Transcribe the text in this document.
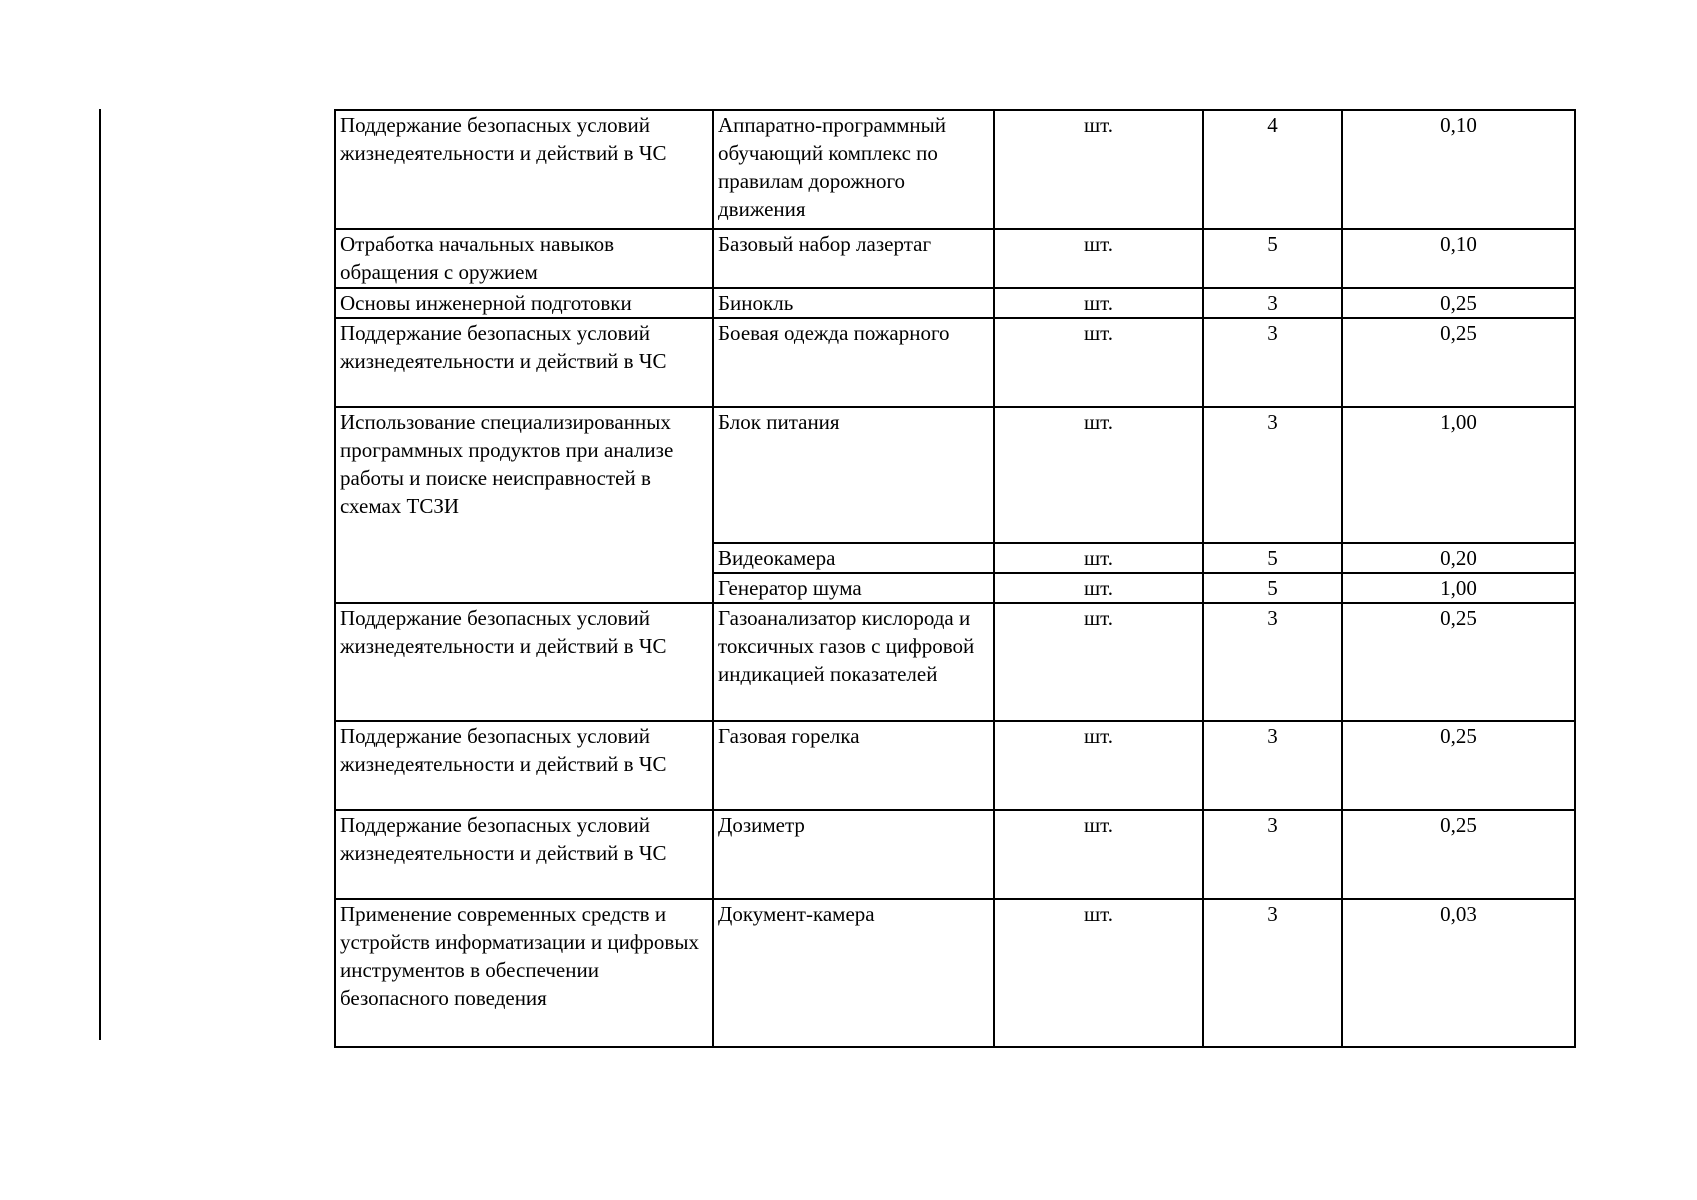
Поддержание безопасных условий жизнедеятельности и действий в ЧС	Аппаратно-программный обучающий комплекс по правилам дорожного движения	шт.	4	0,10
Отработка начальных навыков обращения с оружием	Базовый набор лазертаг	шт.	5	0,10
Основы инженерной подготовки	Бинокль	шт.	3	0,25
Поддержание безопасных условий жизнедеятельности и действий в ЧС	Боевая одежда пожарного	шт.	3	0,25
Использование специализированных программных продуктов при анализе работы и поиске неисправностей в схемах ТСЗИ	Блок питания	шт.	3	1,00
	Видеокамера	шт.	5	0,20
	Генератор шума	шт.	5	1,00
Поддержание безопасных условий жизнедеятельности и действий в ЧС	Газоанализатор кислорода и токсичных газов с цифровой индикацией показателей	шт.	3	0,25
Поддержание безопасных условий жизнедеятельности и действий в ЧС	Газовая горелка	шт.	3	0,25
Поддержание безопасных условий жизнедеятельности и действий в ЧС	Дозиметр	шт.	3	0,25
Применение современных средств и устройств информатизации и цифровых инструментов в обеспечении безопасного поведения	Документ-камера	шт.	3	0,03
